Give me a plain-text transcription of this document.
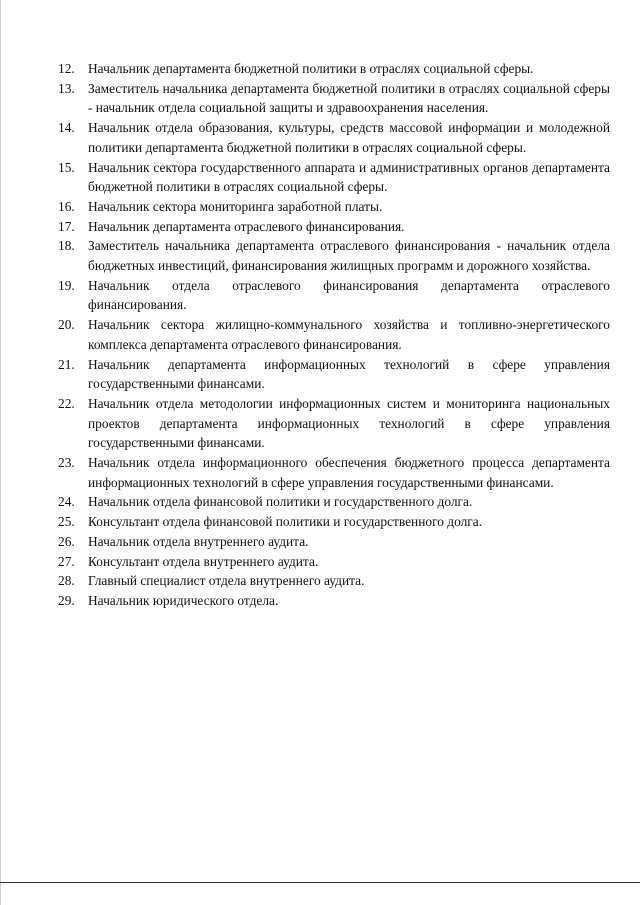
12. Начальник департамента бюджетной политики в отраслях социальной сферы.
13. Заместитель начальника департамента бюджетной политики в отраслях социальной сферы - начальник отдела социальной защиты и здравоохранения населения.
14. Начальник отдела образования, культуры, средств массовой информации и молодежной политики департамента бюджетной политики в отраслях социальной сферы.
15. Начальник сектора государственного аппарата и административных органов департамента бюджетной политики в отраслях социальной сферы.
16. Начальник сектора мониторинга заработной платы.
17. Начальник департамента отраслевого финансирования.
18. Заместитель начальника департамента отраслевого финансирования - начальник отдела бюджетных инвестиций, финансирования жилищных программ и дорожного хозяйства.
19. Начальник отдела отраслевого финансирования департамента отраслевого финансирования.
20. Начальник сектора жилищно-коммунального хозяйства и топливно-энергетического комплекса департамента отраслевого финансирования.
21. Начальник департамента информационных технологий в сфере управления государственными финансами.
22. Начальник отдела методологии информационных систем и мониторинга национальных проектов департамента информационных технологий в сфере управления государственными финансами.
23. Начальник отдела информационного обеспечения бюджетного процесса департамента информационных технологий в сфере управления государственными финансами.
24. Начальник отдела финансовой политики и государственного долга.
25. Консультант отдела финансовой политики и государственного долга.
26. Начальник отдела внутреннего аудита.
27. Консультант отдела внутреннего аудита.
28. Главный специалист отдела внутреннего аудита.
29. Начальник юридического отдела.
